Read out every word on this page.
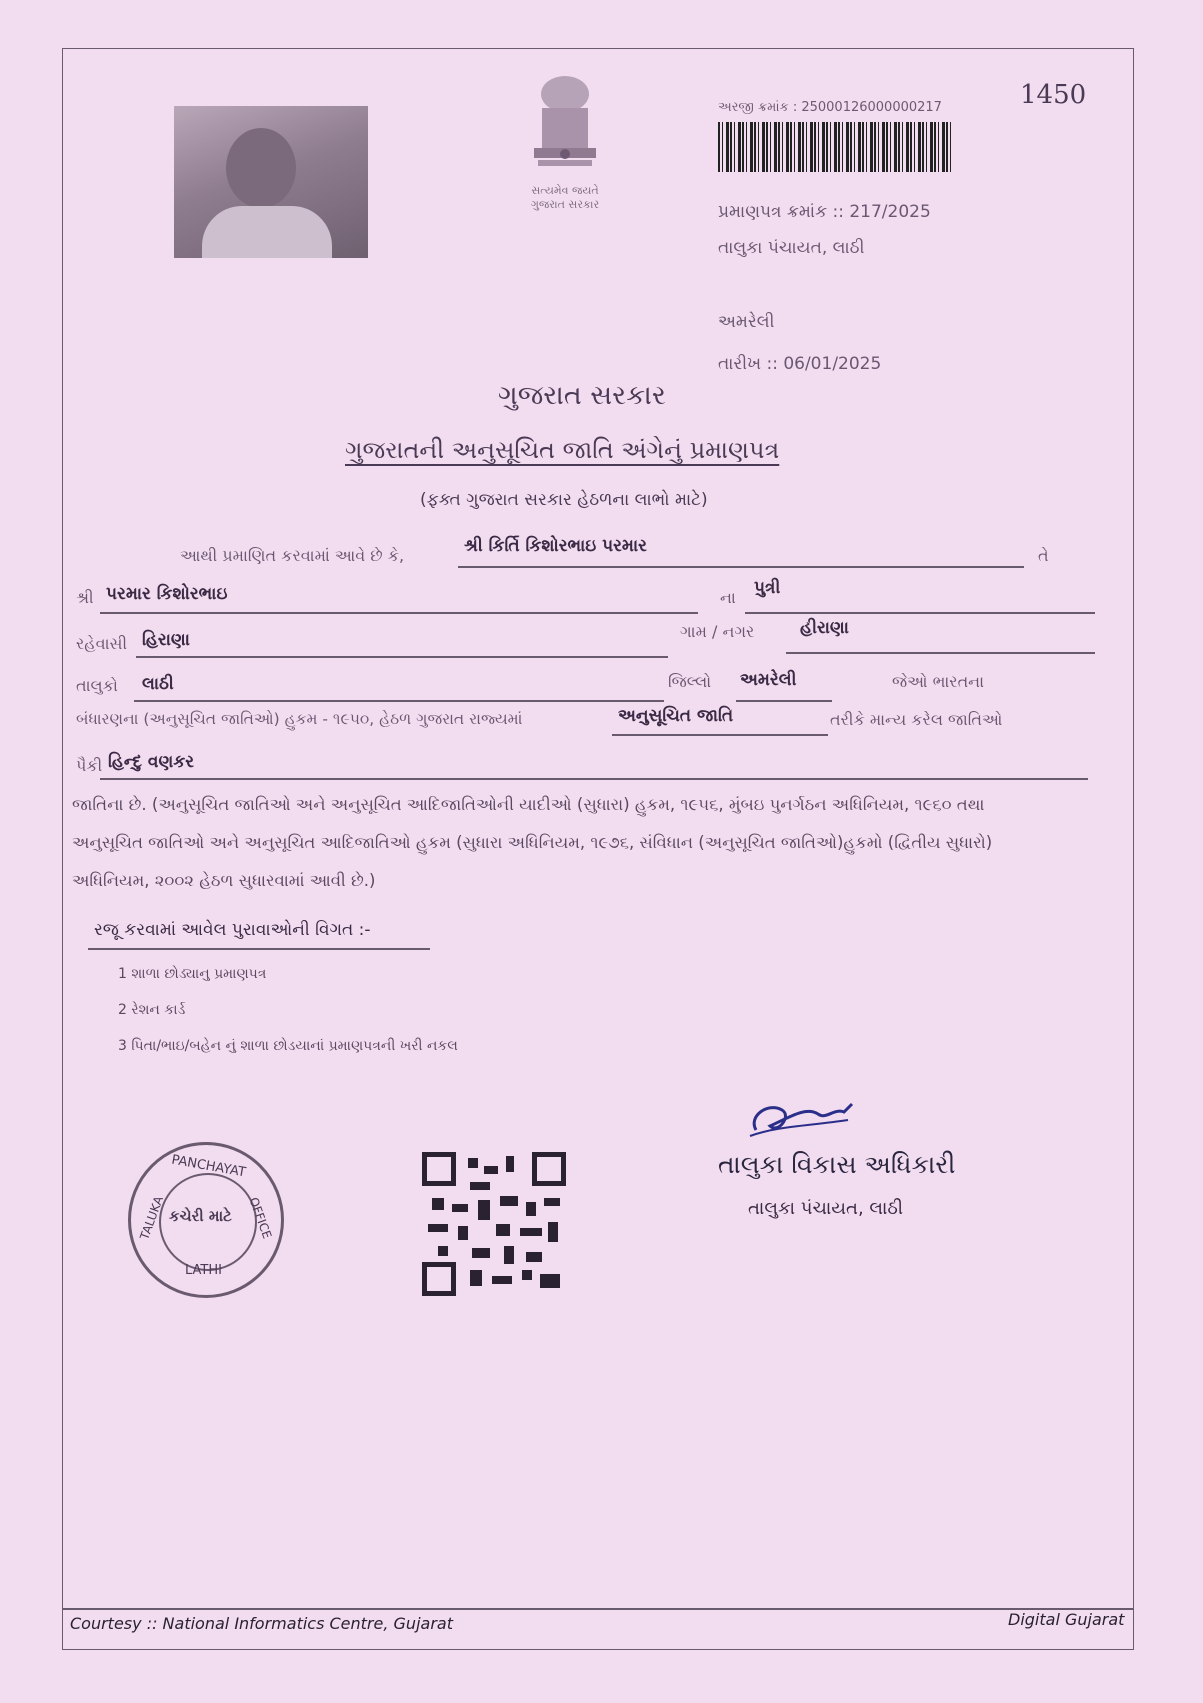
સત્યમેવ જયતે
ગુજરાત સરકાર
1450
અરજી ક્રમાંક : 25000126000000217
પ્રમાણપત્ર ક્રમાંક :: 217/2025
તાલુકા પંચાયત, લાઠી
અમરેલી
તારીખ :: 06/01/2025
ગુજરાત સરકાર
ગુજરાતની અનુસૂચિત જાતિ અંગેનું પ્રમાણપત્ર
(ફક્ત ગુજરાત સરકાર હેઠળના લાભો માટે)
આથી પ્રમાણિત કરવામાં આવે છે કે,	શ્રી કિર્તિ કિશોરભાઇ પરમાર	તે
શ્રી પરમાર કિશોરભાઇ	ના પુત્રી
રહેવાસી હિરાણા	ગામ / નગર	હીરાણા
તાલુકો લાઠી	જિલ્લો અમરેલી	જેઓ ભારતના
બંધારણના (અનુસૂચિત જાતિઓ) હુકમ - ૧૯૫૦, હેઠળ ગુજરાત રાજ્યમાં	અનુસૂચિત જાતિ	તરીકે માન્ય કરેલ જાતિઓ
પૈકી હિન્દુ વણકર
જાતિના છે. (અનુસૂચિત જાતિઓ અને અનુસૂચિત આદિજાતિઓની યાદીઓ (સુધારા) હુકમ, ૧૯૫૬, મુંબઇ પુનર્ગઠન અધિનિયમ, ૧૯૬૦ તથા
અનુસૂચિત જાતિઓ અને અનુસૂચિત આદિજાતિઓ હુકમ (સુધારા અધિનિયમ, ૧૯૭૬, સંવિધાન (અનુસૂચિત જાતિઓ)હુકમો (દ્વિતીય સુધારો)
અધિનિયમ, ૨૦૦૨ હેઠળ સુધારવામાં આવી છે.)
રજૂ કરવામાં આવેલ પુરાવાઓની વિગત :-
1 શાળા છોડ્યાનુ પ્રમાણપત્ર
2 રેશન કાર્ડ
3 પિતા/ભાઇ/બહેન નું શાળા છોડયાનાં પ્રમાણપત્રની ખરી નકલ
PANCHAYAT
TALUKA	OFFICE
LATHI
કચેરી માટે
તાલુકા વિકાસ અધિકારી
તાલુકા પંચાયત, લાઠી
Courtesy :: National Informatics Centre, Gujarat	Digital Gujarat
